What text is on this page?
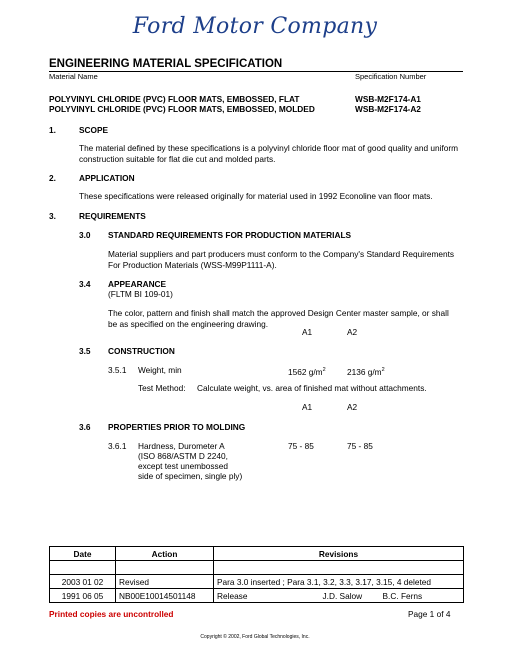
Ford Motor Company
ENGINEERING MATERIAL SPECIFICATION
Material Name	Specification Number
POLYVINYL CHLORIDE (PVC) FLOOR MATS, EMBOSSED, FLAT	WSB-M2F174-A1
POLYVINYL CHLORIDE (PVC) FLOOR MATS, EMBOSSED, MOLDED	WSB-M2F174-A2
1.	SCOPE
The material defined by these specifications is a polyvinyl chloride floor mat of good quality and uniform
construction suitable for flat die cut and molded parts.
2.	APPLICATION
These specifications were released originally for material used in 1992 Econoline van floor mats.
3.	REQUIREMENTS
3.0 STANDARD REQUIREMENTS FOR PRODUCTION MATERIALS
Material suppliers and part producers must conform to the Company's Standard Requirements
For Production Materials (WSS-M99P1111-A).
3.4 APPEARANCE
(FLTM BI 109-01)
The color, pattern and finish shall match the approved Design Center master sample, or shall
be as specified on the engineering drawing.
A1	A2
3.5 CONSTRUCTION
3.5.1 Weight, min	1562 $g/m^2$	2136 $g/m^2$
Test Method: Calculate weight, vs. area of finished mat without attachments.
A1	A2
3.6 PROPERTIES PRIOR TO MOLDING
3.6.1 Hardness, Durometer A
(ISO 868/ASTM D 2240,
except test unembossed
side of specimen, single ply)
75 - 85	75 - 85
Date	Action	Revisions

2003 01 02	Revised	Para 3.0 inserted ; Para 3.1, 3.2, 3.3, 3.17, 3.15, 4 deleted
1991 06 05	NB00E10014501148	Release J.D. Salow B.C. Ferns
Printed copies are uncontrolled	Page 1 of 4
Copyright © 2002, Ford Global Technologies, Inc.
